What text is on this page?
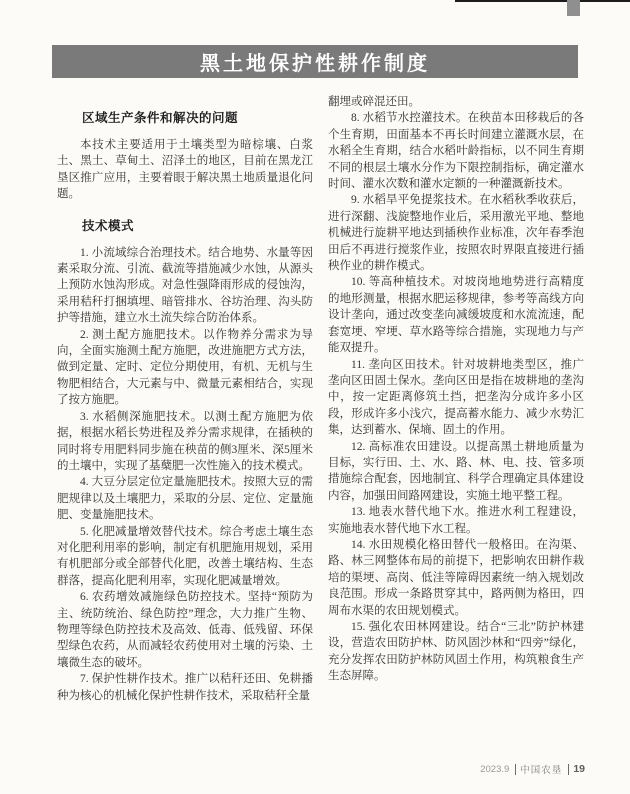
黑土地保护性耕作制度
区域生产条件和解决的问题

本技术主要适用于土壤类型为暗棕壤、白浆土、黑土、草甸土、沼泽土的地区，目前在黑龙江垦区推广应用，主要着眼于解决黑土地质量退化问题。

技术模式

1. 小流域综合治理技术。结合地势、水量等因素采取分流、引流、截流等措施减少水蚀，从源头上预防水蚀沟形成。对急性强降雨形成的侵蚀沟，采用秸秆打捆填埋、暗管排水、谷坊治理、沟头防护等措施，建立水土流失综合防治体系。

2. 测土配方施肥技术。以作物养分需求为导向，全面实施测土配方施肥，改进施肥方式方法，做到定量、定时、定位分期使用，有机、无机与生物肥相结合，大元素与中、微量元素相结合，实现了按方施肥。

3. 水稻侧深施肥技术。以测土配方施肥为依据，根据水稻长势进程及养分需求规律，在插秧的同时将专用肥料同步施在秧苗的侧3厘米、深5厘米的土壤中，实现了基蘖肥一次性施入的技术模式。

4. 大豆分层定位定量施肥技术。按照大豆的需肥规律以及土壤肥力，采取的分层、定位、定量施肥、变量施肥技术。

5. 化肥减量增效替代技术。综合考虑土壤生态对化肥利用率的影响，制定有机肥施用规划，采用有机肥部分或全部替代化肥，改善土壤结构、生态群落，提高化肥利用率，实现化肥减量增效。

6. 农药增效减施绿色防控技术。坚持“预防为主、统防统治、绿色防控”理念，大力推广生物、物理等绿色防控技术及高效、低毒、低残留、环保型绿色农药，从而减轻农药使用对土壤的污染、土壤微生态的破坏。

7. 保护性耕作技术。推广以秸秆还田、免耕播种为核心的机械化保护性耕作技术，采取秸秆全量

翻埋或碎混还田。

8. 水稻节水控灌技术。在秧苗本田移栽后的各个生育期，田面基本不再长时间建立灌溉水层，在水稻全生育期，结合水稻叶龄指标，以不同生育期不同的根层土壤水分作为下限控制指标，确定灌水时间、灌水次数和灌水定额的一种灌溉新技术。

9. 水稻旱平免提浆技术。在水稻秋季收获后，进行深翻、浅旋整地作业后，采用激光平地、整地机械进行旋耕平地达到插秧作业标准，次年春季泡田后不再进行搅浆作业，按照农时界限直接进行插秧作业的耕作模式。

10. 等高种植技术。对坡岗地地势进行高精度的地形测量，根据水肥运移规律，参考等高线方向设计垄向，通过改变垄向减缓坡度和水流流速，配套宽埂、窄埂、草水路等综合措施，实现地力与产能双提升。

11. 垄向区田技术。针对坡耕地类型区，推广垄向区田固土保水。垄向区田是指在坡耕地的垄沟中，按一定距离修筑土挡，把垄沟分成许多小区段，形成许多小浅穴，提高蓄水能力、减少水势汇集，达到蓄水、保墒、固土的作用。

12. 高标准农田建设。以提高黑土耕地质量为目标，实行田、土、水、路、林、电、技、管多项措施综合配套，因地制宜、科学合理确定具体建设内容，加强田间路网建设，实施土地平整工程。

13. 地表水替代地下水。推进水利工程建设，实施地表水替代地下水工程。

14. 水田规模化格田替代一般格田。在沟渠、路、林三网整体布局的前提下，把影响农田耕作栽培的渠埂、高岗、低洼等障碍因素统一纳入规划改良范围。形成一条路贯穿其中，路两侧为格田，四周布水渠的农田规划模式。

15. 强化农田林网建设。结合“三北”防护林建设，营造农田防护林、防风固沙林和“四旁”绿化，充分发挥农田防护林防风固土作用，构筑粮食生产生态屏障。

2023.9 中国农垦 19
